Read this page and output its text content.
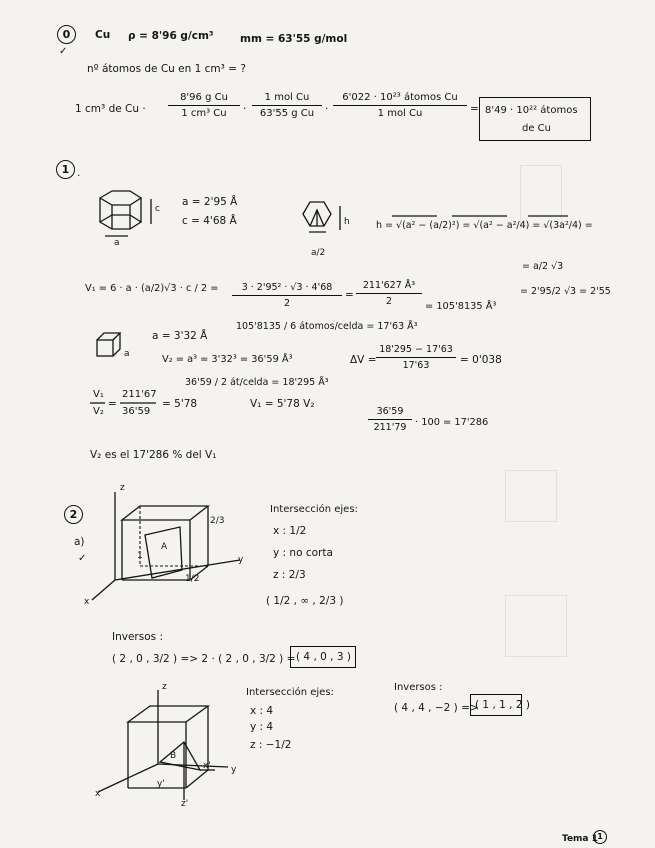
0
✓
Cu ρ = 8'96 g/cm³	mm = 63'55 g/mol
nº átomos de Cu en 1 cm³ = ?
1 cm³ de $Cu \cdot \frac{\text{8'96 g Cu}}{\text{1 cm³ Cu}}$ ·
1 mol Cu
63'55 g Cu	·
6'022 · 10²³ átomos Cu
1 mol Cu	= 8'49 · 10²² átomos
de Cu
1 .
c
a
a = 2'95 Å
c = 4'68 Å	h
a/2
h = √(a² − (a/2)²) = √(a² − a²/4) = √(3a²/4) =
= a/2 √3
= 2'95/2 √3 = 2'55
$V_1 = 6 \cdot a \cdot (a/2)√3 \cdot c / 2 = \frac{\text{3 · 2'95² · √3 · 4'68}}{2} = \frac{\text{211'627 Å³}}{2} = 105'8135$ Å³
105'8135 / 6 átomos/celda = 17'63 Å³
a = 3'32 Å
a	V₂ = a³ = 3'32³ = 36'59 Å³	$\Delta V = \frac{18'295 - 17'63}{17'63} = 0'038$
36'59 / 2 át/celda = 18'295 Å³
V₁
V₂
=
211'67
36'59
= 5'78	V₁ = 5'78 V₂
$\frac{36'59}{211'79} \cdot 100 = 17'286$
V₂ es el 17'286 % del V₁
2
a)
✓
z
y
x
A
2/3
1/2
1
Intersección ejes:
x : 1/2
y : no corta
z : 2/3
( 1/2 , ∞ , 2/3 )
Inversos :
( 2 , 0 , 3/2 ) => 2 · ( 2 , 0 , 3/2 ) = ( 4 , 0 , 3 )
z
y
x
B
z'
y'
x'
Intersección ejes:
x : 4
y : 4
z : −1/2
Inversos :
( 4 , 4 , −2 ) =>
( 1 , 1 , 2̄ )
Tema 1 1
